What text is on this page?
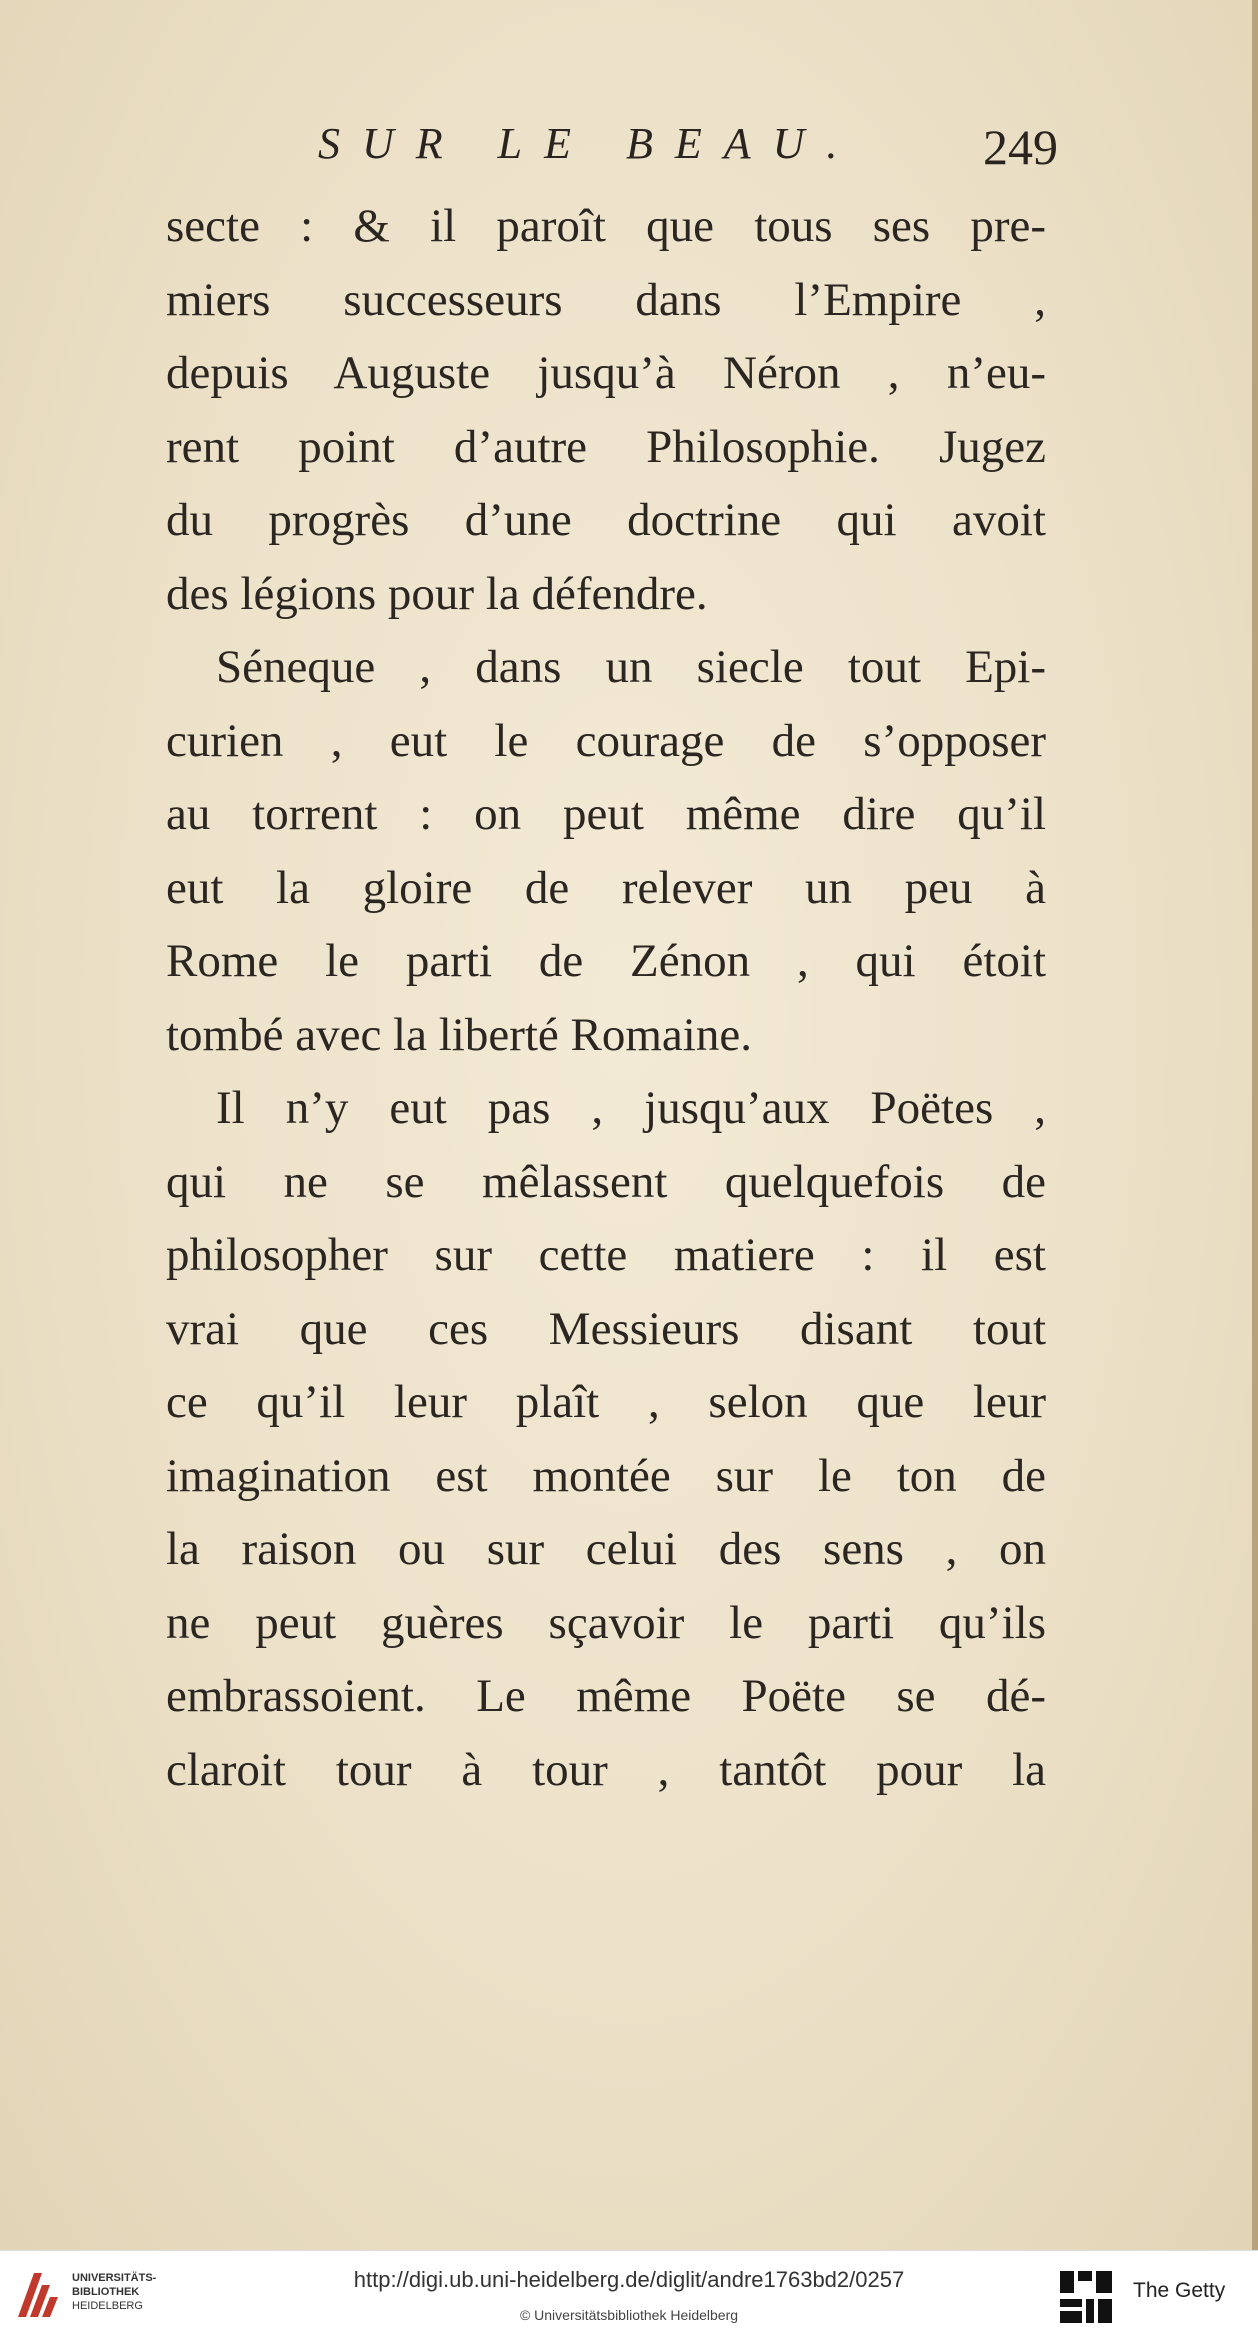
SUR LE BEAU. 249
secte : & il paroît que tous ses pre-
miers successeurs dans l’Empire ,
depuis Auguste jusqu’à Néron , n’eu-
rent point d’autre Philosophie. Jugez
du progrès d’une doctrine qui avoit
des légions pour la défendre.
Séneque , dans un siecle tout Epi-
curien , eut le courage de s’opposer
au torrent : on peut même dire qu’il
eut la gloire de relever un peu à
Rome le parti de Zénon , qui étoit
tombé avec la liberté Romaine.
Il n’y eut pas , jusqu’aux Poëtes ,
qui ne se mêlassent quelquefois de
philosopher sur cette matiere : il est
vrai que ces Messieurs disant tout
ce qu’il leur plaît , selon que leur
imagination est montée sur le ton de
la raison ou sur celui des sens , on
ne peut guères sçavoir le parti qu’ils
embrassoient. Le même Poëte se dé-
claroit tour à tour , tantôt pour la
UNIVERSITÄTS-
BIBLIOTHEK
HEIDELBERG
http://digi.ub.uni-heidelberg.de/diglit/andre1763bd2/0257
© Universitätsbibliothek Heidelberg
The Getty
